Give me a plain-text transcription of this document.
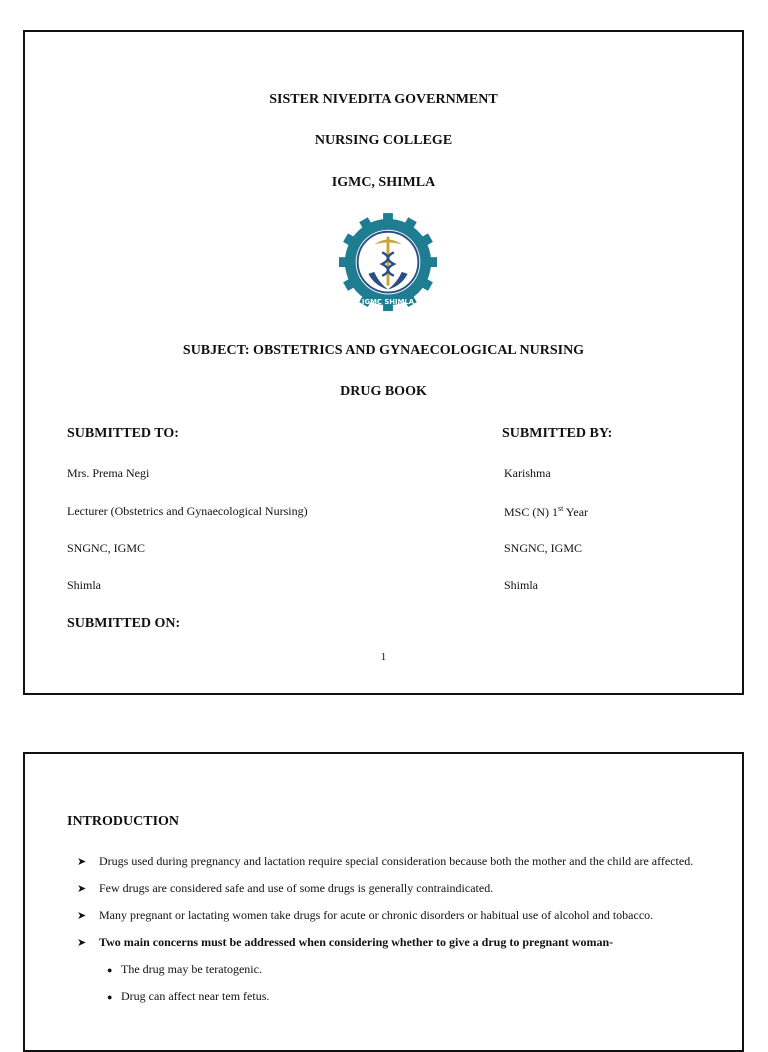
SISTER NIVEDITA GOVERNMENT
NURSING COLLEGE
IGMC, SHIMLA
IGMC SHIMLA
SUBJECT: OBSTETRICS AND GYNAECOLOGICAL NURSING
DRUG BOOK
SUBMITTED TO:
Mrs. Prema Negi
Lecturer (Obstetrics and Gynaecological Nursing)
SNGNC, IGMC
Shimla
SUBMITTED BY:
Karishma
MSC (N) 1st Year
SNGNC, IGMC
Shimla
SUBMITTED ON:
1
INTRODUCTION
➤ Drugs used during pregnancy and lactation require special consideration because both the mother and the child are affected.
➤ Few drugs are considered safe and use of some drugs is generally contraindicated.
➤ Many pregnant or lactating women take drugs for acute or chronic disorders or habitual use of alcohol and tobacco.
➤ Two main concerns must be addressed when considering whether to give a drug to pregnant woman-
● The drug may be teratogenic.
● Drug can affect near tem fetus.
